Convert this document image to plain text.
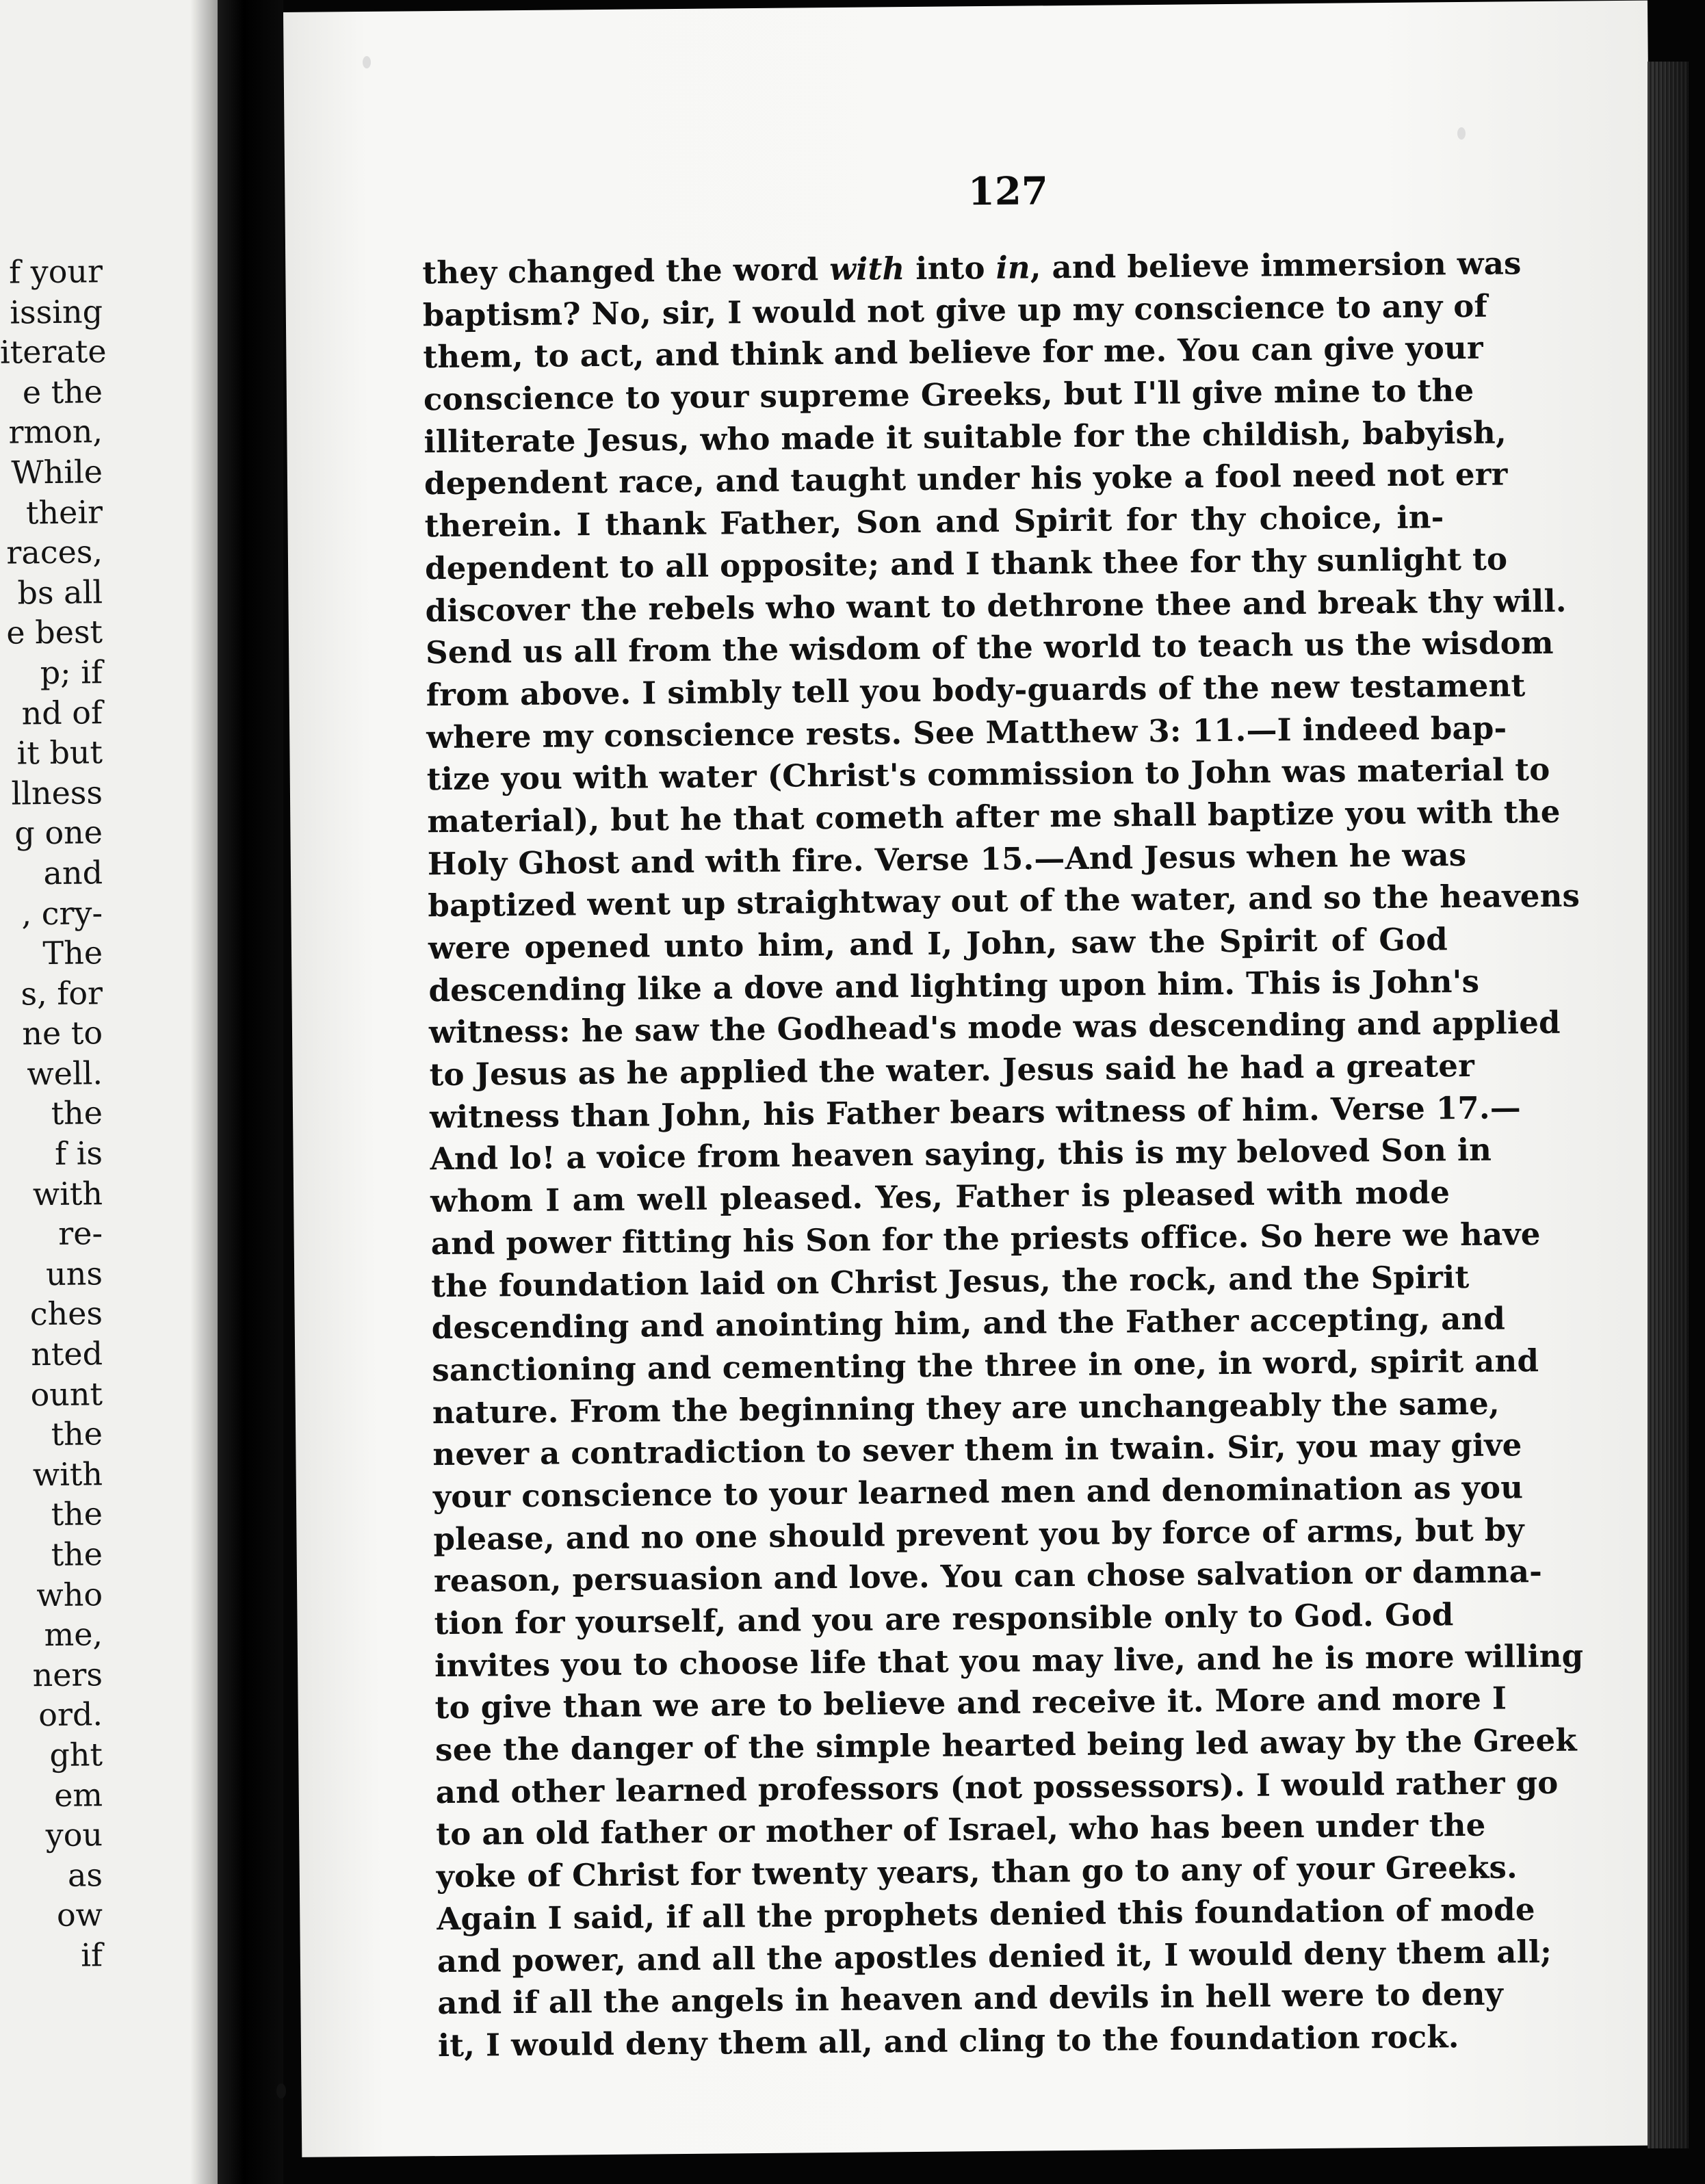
f your
issing
iterate
e the
rmon,
While
their
races,
bs all
e best
p; if
nd of
it but
llness
g one
and
, cry-
The
s, for
ne to
well.
the
f is
with
re-
uns
ches
nted
ount
the
with
the
the
who
me,
ners
ord.
ght
em
you
as
ow
if
127
they changed the word with into in, and believe immersion was
baptism? No, sir, I would not give up my conscience to any of
them, to act, and think and believe for me. You can give your
conscience to your supreme Greeks, but I'll give mine to the
illiterate Jesus, who made it suitable for the childish, babyish,
dependent race, and taught under his yoke a fool need not err
therein. I thank Father, Son and Spirit for thy choice, in-
dependent to all opposite; and I thank thee for thy sunlight to
discover the rebels who want to dethrone thee and break thy will.
Send us all from the wisdom of the world to teach us the wisdom
from above. I simbly tell you body-guards of the new testament
where my conscience rests. See Matthew 3: 11.—I indeed bap-
tize you with water (Christ's commission to John was material to
material), but he that cometh after me shall baptize you with the
Holy Ghost and with fire. Verse 15.—And Jesus when he was
baptized went up straightway out of the water, and so the heavens
were opened unto him, and I, John, saw the Spirit of God
descending like a dove and lighting upon him. This is John's
witness: he saw the Godhead's mode was descending and applied
to Jesus as he applied the water. Jesus said he had a greater
witness than John, his Father bears witness of him. Verse 17.—
And lo! a voice from heaven saying, this is my beloved Son in
whom I am well pleased. Yes, Father is pleased with mode
and power fitting his Son for the priests office. So here we have
the foundation laid on Christ Jesus, the rock, and the Spirit
descending and anointing him, and the Father accepting, and
sanctioning and cementing the three in one, in word, spirit and
nature. From the beginning they are unchangeably the same,
never a contradiction to sever them in twain. Sir, you may give
your conscience to your learned men and denomination as you
please, and no one should prevent you by force of arms, but by
reason, persuasion and love. You can chose salvation or damna-
tion for yourself, and you are responsible only to God. God
invites you to choose life that you may live, and he is more willing
to give than we are to believe and receive it. More and more I
see the danger of the simple hearted being led away by the Greek
and other learned professors (not possessors). I would rather go
to an old father or mother of Israel, who has been under the
yoke of Christ for twenty years, than go to any of your Greeks.
Again I said, if all the prophets denied this foundation of mode
and power, and all the apostles denied it, I would deny them all;
and if all the angels in heaven and devils in hell were to deny
it, I would deny them all, and cling to the foundation rock.
